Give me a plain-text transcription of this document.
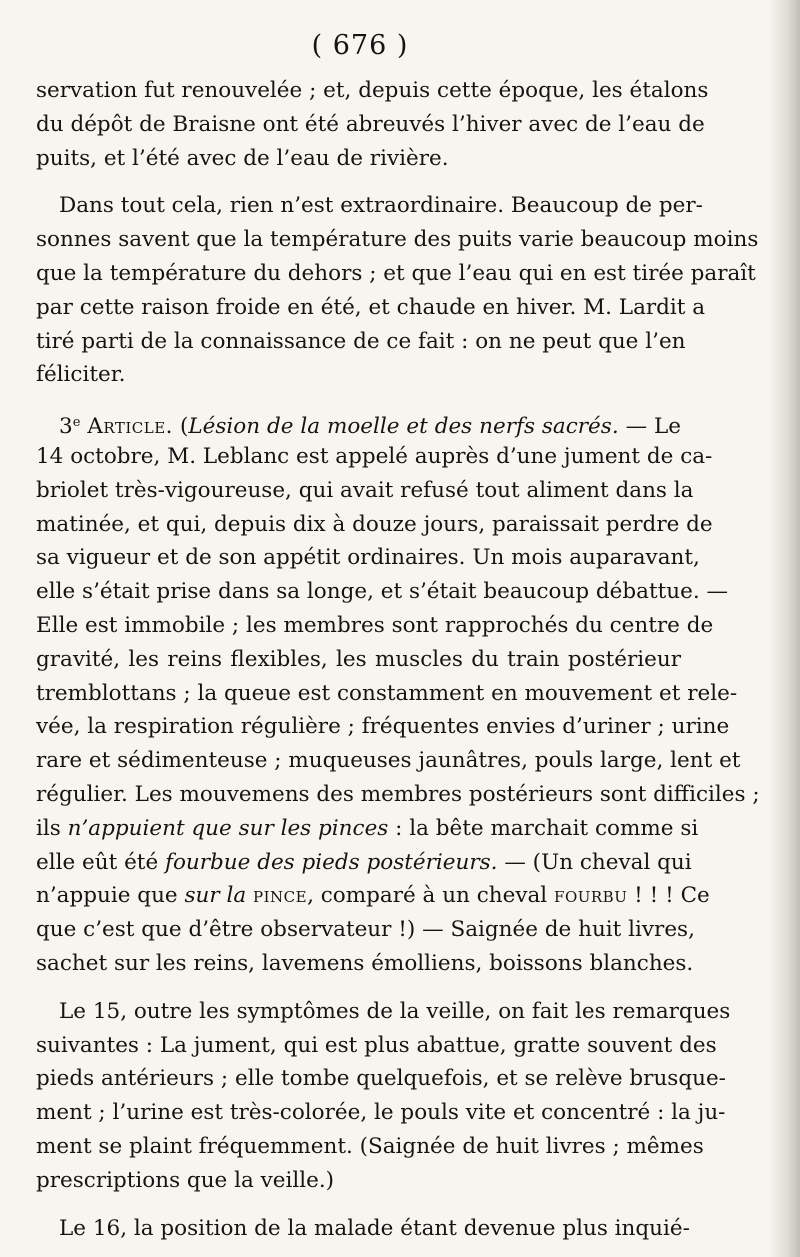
( 676 )
servation fut renouvelée ; et, depuis cette époque, les étalons
du dépôt de Braisne ont été abreuvés l’hiver avec de l’eau de
puits, et l’été avec de l’eau de rivière.
Dans tout cela, rien n’est extraordinaire. Beaucoup de per-
sonnes savent que la température des puits varie beaucoup moins
que la température du dehors ; et que l’eau qui en est tirée paraît
par cette raison froide en été, et chaude en hiver. M. Lardit a
tiré parti de la connaissance de ce fait : on ne peut que l’en
féliciter.
3e Article. (Lésion de la moelle et des nerfs sacrés. — Le
14 octobre, M. Leblanc est appelé auprès d’une jument de ca-
briolet très-vigoureuse, qui avait refusé tout aliment dans la
matinée, et qui, depuis dix à douze jours, paraissait perdre de
sa vigueur et de son appétit ordinaires. Un mois auparavant,
elle s’était prise dans sa longe, et s’était beaucoup débattue. —
Elle est immobile ; les membres sont rapprochés du centre de
gravité, les reins flexibles, les muscles du train postérieur
tremblottans ; la queue est constamment en mouvement et rele-
vée, la respiration régulière ; fréquentes envies d’uriner ; urine
rare et sédimenteuse ; muqueuses jaunâtres, pouls large, lent et
régulier. Les mouvemens des membres postérieurs sont difficiles ;
ils n’appuient que sur les pinces : la bête marchait comme si
elle eût été fourbue des pieds postérieurs. — (Un cheval qui
n’appuie que sur la pince, comparé à un cheval fourbu ! ! ! Ce
que c’est que d’être observateur !) — Saignée de huit livres,
sachet sur les reins, lavemens émolliens, boissons blanches.
Le 15, outre les symptômes de la veille, on fait les remarques
suivantes : La jument, qui est plus abattue, gratte souvent des
pieds antérieurs ; elle tombe quelquefois, et se relève brusque-
ment ; l’urine est très-colorée, le pouls vite et concentré : la ju-
ment se plaint fréquemment. (Saignée de huit livres ; mêmes
prescriptions que la veille.)
Le 16, la position de la malade étant devenue plus inquié-
